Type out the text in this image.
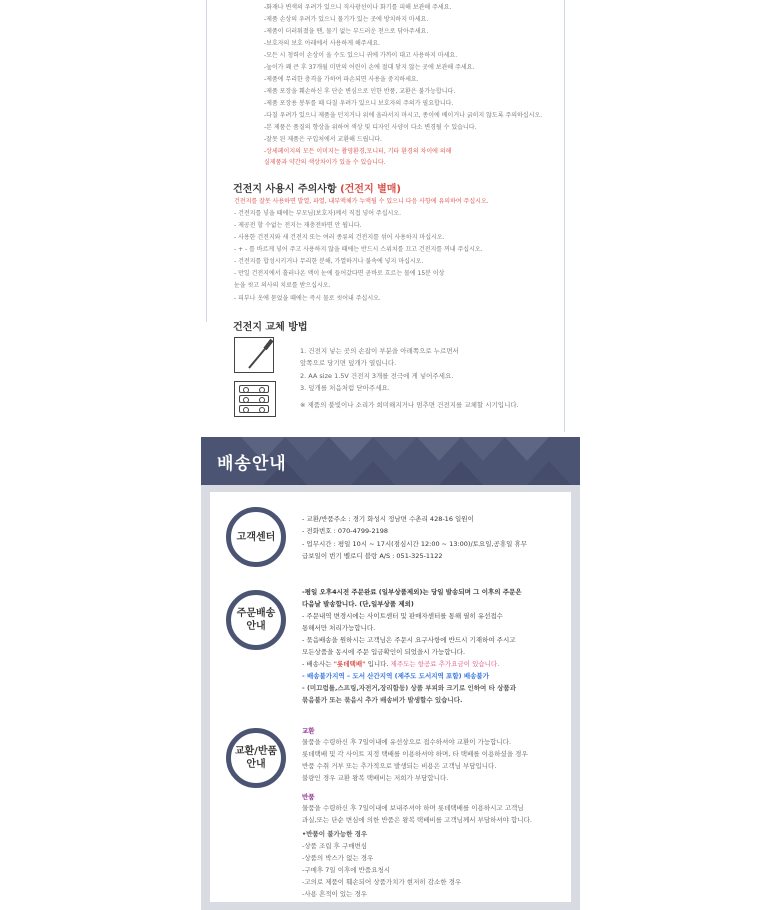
-화재나 변색의 우려가 있으니 직사광선이나 화기를 피해 보관해 주세요.
-제품 손상의 우려가 있으니 물기가 있는 곳에 방치하지 마세요.
-제품이 더러워졌을 땐, 물기 없는 부드러운 천으로 닦아주세요.
-보호자의 보호 아래에서 사용하게 해주세요.
-모든 시 청력이 손상이 올 수도 있으니 귀에 가까이 대고 사용하지 마세요.
-높이가 꽤 큰 후 37개월 미만의 어린이 손에 절대 닿지 않는 곳에 보관해 주세요.
-제품에 무리한 충격을 가하여 파손되면 사용을 중지하세요.
-제품 포장을 훼손하신 후 단순 변심으로 인한 반품, 교환은 불가능합니다.
-제품 포장용 봉투를 때 다칠 우려가 있으니 보호자의 주의가 필요합니다.
-다칠 우려가 있으니 제품을 던지거나 위에 올라서지 마시고, 종이에 베이거나 긁히지 않도록 주의하십시오.
-본 제품은 품질의 향상을 위하여 색상 및 디자인 사양이 다소 변경될 수 있습니다.
-잘못 된 제품은 구입처에서 교환해 드립니다.
-상세페이지의 모든 이미지는 촬영환경,모니터, 기타 환경의 차이에 의해
실제품과 약간의 색상차이가 있을 수 있습니다.
건전지 사용시 주의사항 (건전지 별매)
건전지를 잘못 사용하면 발열, 파열, 내부액체가 누액될 수 있으니 다음 사항에 유의하여 주십시오.
- 건전지를 넣을 때에는 부모님(보호자)께서 직접 넣어 주십시오.
- 제공전 할 수없는 전지는 재충전하면 안 됩니다.
- 사용한 건전지와 새 건전지 또는 여러 종류의 건전지를 섞어 사용하지 마십시오.
- + - 를 바르게 넣어 주고 사용하지 않을 때에는 반드시 스위치를 끄고 건전지를 꺼내 주십시오.
- 건전지를 합성시키거나 무리한 분해, 가열하거나 불속에 넣지 마십시오.
- 만일 건전지에서 흘러나온 액이 눈에 들어갔다면 곧바로 흐르는 물에 15분 이상
눈을 씻고 의사의 치료를 받으십시오.
- 피부나 옷에 묻었을 때에는 즉시 물로 씻어내 주십시오.
건전지 교체 방법
1. 건전지 넣는 곳의 손잡이 부분을 아래쪽으로 누르면서
앞쪽으로 당기면 덮개가 열립니다.
2. AA size 1.5V 건전지 3개를 전극에 게 넣어주세요.
3. 덮개를 처음처럼 닫아주세요.
※ 제품의 불빛이나 소리가 희미해지거나 멈추면 건전지를 교체할 시기입니다.
배송안내
고객센터
- 교환/반품주소 : 경기 화성시 정남면 수촌리 428-16 일원이
- 전화번호 : 070-4799-2198
- 업무시간 : 평일 10시 ~ 17시(점심시간 12:00 ~ 13:00)/토요일,공휴일 휴무
급보일이 번기 벨로디 블랑 A/S : 051-325-1122
주문배송
안내
-평일 오후4시전 주문완료 (일부상품제외)는 당일 발송되며 그 이후의 주문은
다음날 발송합니다. (단,일부상품 제외)
- 주문내역 변경시에는 사이트센터 및 판매자센터를 통해 필히 유선접수
통해서만 처리가능합니다.
- 묶음배송을 원하시는 고객님은 주문시 요구사항에 반드시 기재하여 주시고
모든상품을 동시에 주문 입금확인이 되었을시 가능합니다.
- 배송사는 "롯데택배" 입니다. 제주도는 항공료 추가요금이 있습니다.
- 배송불가지역 – 도서 산간지역 (제주도 도서지역 포함) 배송불가
- (미끄럼틀,스프링,자전거,장리함등) 상품 부피와 크기로 인하여 타 상품과
묶음불가 또는 묶음시 추가 배송비가 발생할수 있습니다.
교환/반품
안내
교환
물품을 수령하신 후 7일이내에 유선상으로 접수하셔야 교환이 가능합니다.
롯데택배 및 각 사이트 지정 택배를 이용하셔야 하며, 타 택배를 이용하셨을 경우
반품 수취 거부 또는 추가적으로 발생되는 비용은 고객님 부담입니다.
불량인 경우 교환 왕복 택배비는 저희가 부담합니다.
반품
물품을 수령하신 후 7일이내에 보내주셔야 하며 롯데택배를 이용하시고 고객님
과실,또는 단순 변심에 의한 반품은 왕복 택배비를 고객님께서 부담하셔야 합니다.
•반품이 불가능한 경우
-상품 조립 후 구매변심
-상품의 박스가 없는 경우
-구매후 7일 이후에 반품요청시
-고의로 제품이 훼손되어 상품가치가 현저히 감소한 경우
-사용 흔적이 있는 경우
